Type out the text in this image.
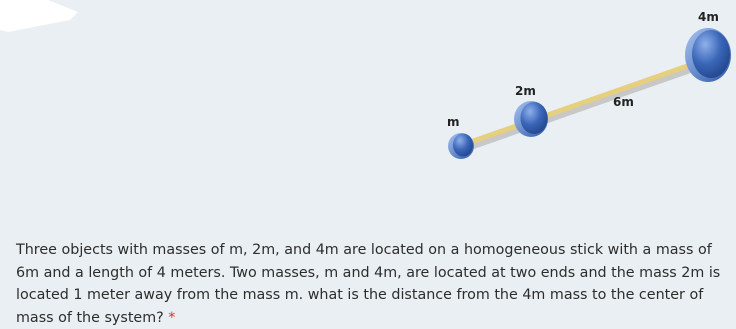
m
2m
6m
4m

Three objects with masses of m, 2m, and 4m are located on a homogeneous stick with a mass of 6m and a length of 4 meters. Two masses, m and 4m, are located at two ends and the mass 2m is located 1 meter away from the mass m. what is the distance from the 4m mass to the center of mass of the system? *
